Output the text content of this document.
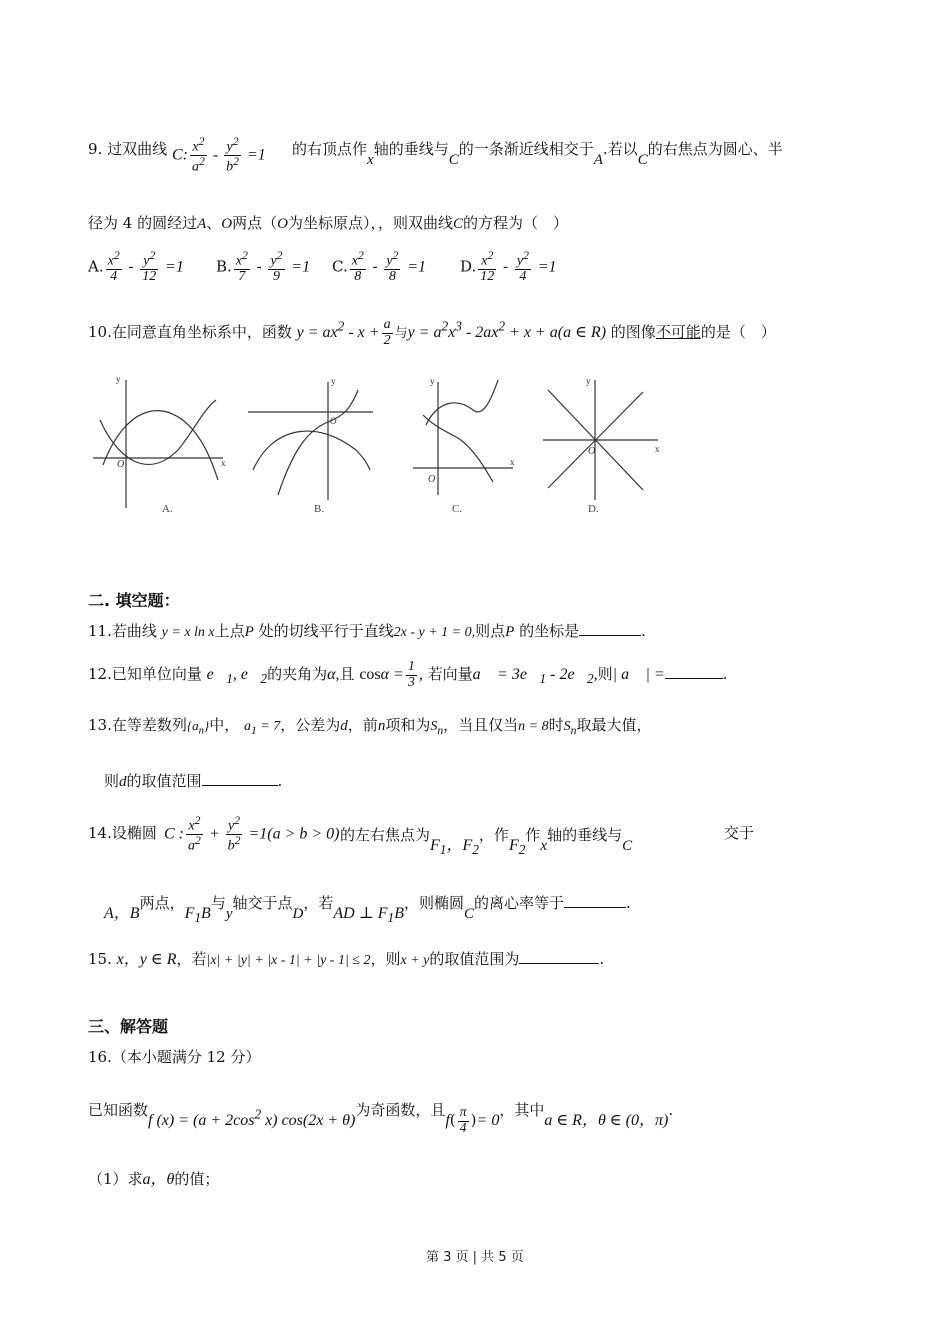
9. 过双曲线 C: $\frac{x^2}{a^2} - \frac{y^2}{b^2} =1$ 的右顶点作x轴的垂线与C的一条渐近线相交于A.若以C的右焦点为圆心、半
径为 4 的圆经过A、O两点（O为坐标原点），，则双曲线C的方程为（　）
A. $\frac{x^2}{4} - \frac{y^2}{12} =1$ B. $\frac{x^2}{7} - \frac{y^2}{9} =1$ C. $\frac{x^2}{8} - \frac{y^2}{8} =1$ D. $\frac{x^2}{12} - \frac{y^2}{4} =1$
10.在同意直角坐标系中，函数 $y = ax^2 - x + \frac{a}{2}$ 与$y = a^2x^3 - 2ax^2 + x + a(a$ ∈ R) 的图像不可能的是（　）
y
O	x
y
O
y
O
x
y
O	x
A.	B.	C.	D.
二. 填空题：
11.若曲线 y = x ln x上点P 处的切线平行于直线2x - y + 1 = 0,则点P 的坐标是	.
12.已知单位向量 $e⃗_1$, $e⃗_2$的夹角为α,且 $\cos\alpha = \frac{1}{3}$ , 若向量a⃗ = $3e⃗_1$ - $2e⃗_2$,则| a⃗ | =	.
13.在等差数列$\{a_n\}$中， $a_1 = 7$，公差为d，前n项和为$S_n$，当且仅当n = 8时$S_n$取最大值，
则d的取值范围	.
14.设椭圆 C : $\frac{x^2}{a^2} + \frac{y^2}{b^2} =1(a > b > 0)$ 的左右焦点为$F_1$，$F_2$，作$F_2$作x轴的垂线与C
交于
A，B两点，$F_1B$与y轴交于点D，若AD ⊥ $F_1B$，则椭圆C的离心率等于	.
15. x，y ∈ R，若|x| + |y| + |x - 1| + |y - 1| ≤ 2，则x + y的取值范围为	.
三、解答题
16.（本小题满分 12 分）
已知函数f $(x) = (a + 2\cos^2$ x) cos(2x + θ)为奇函数，且$f( \frac{\pi}{4}$ )= 0，其中a ∈ R，θ ∈ (0，π).
（1）求a，θ的值；
第 3 页 | 共 5 页
